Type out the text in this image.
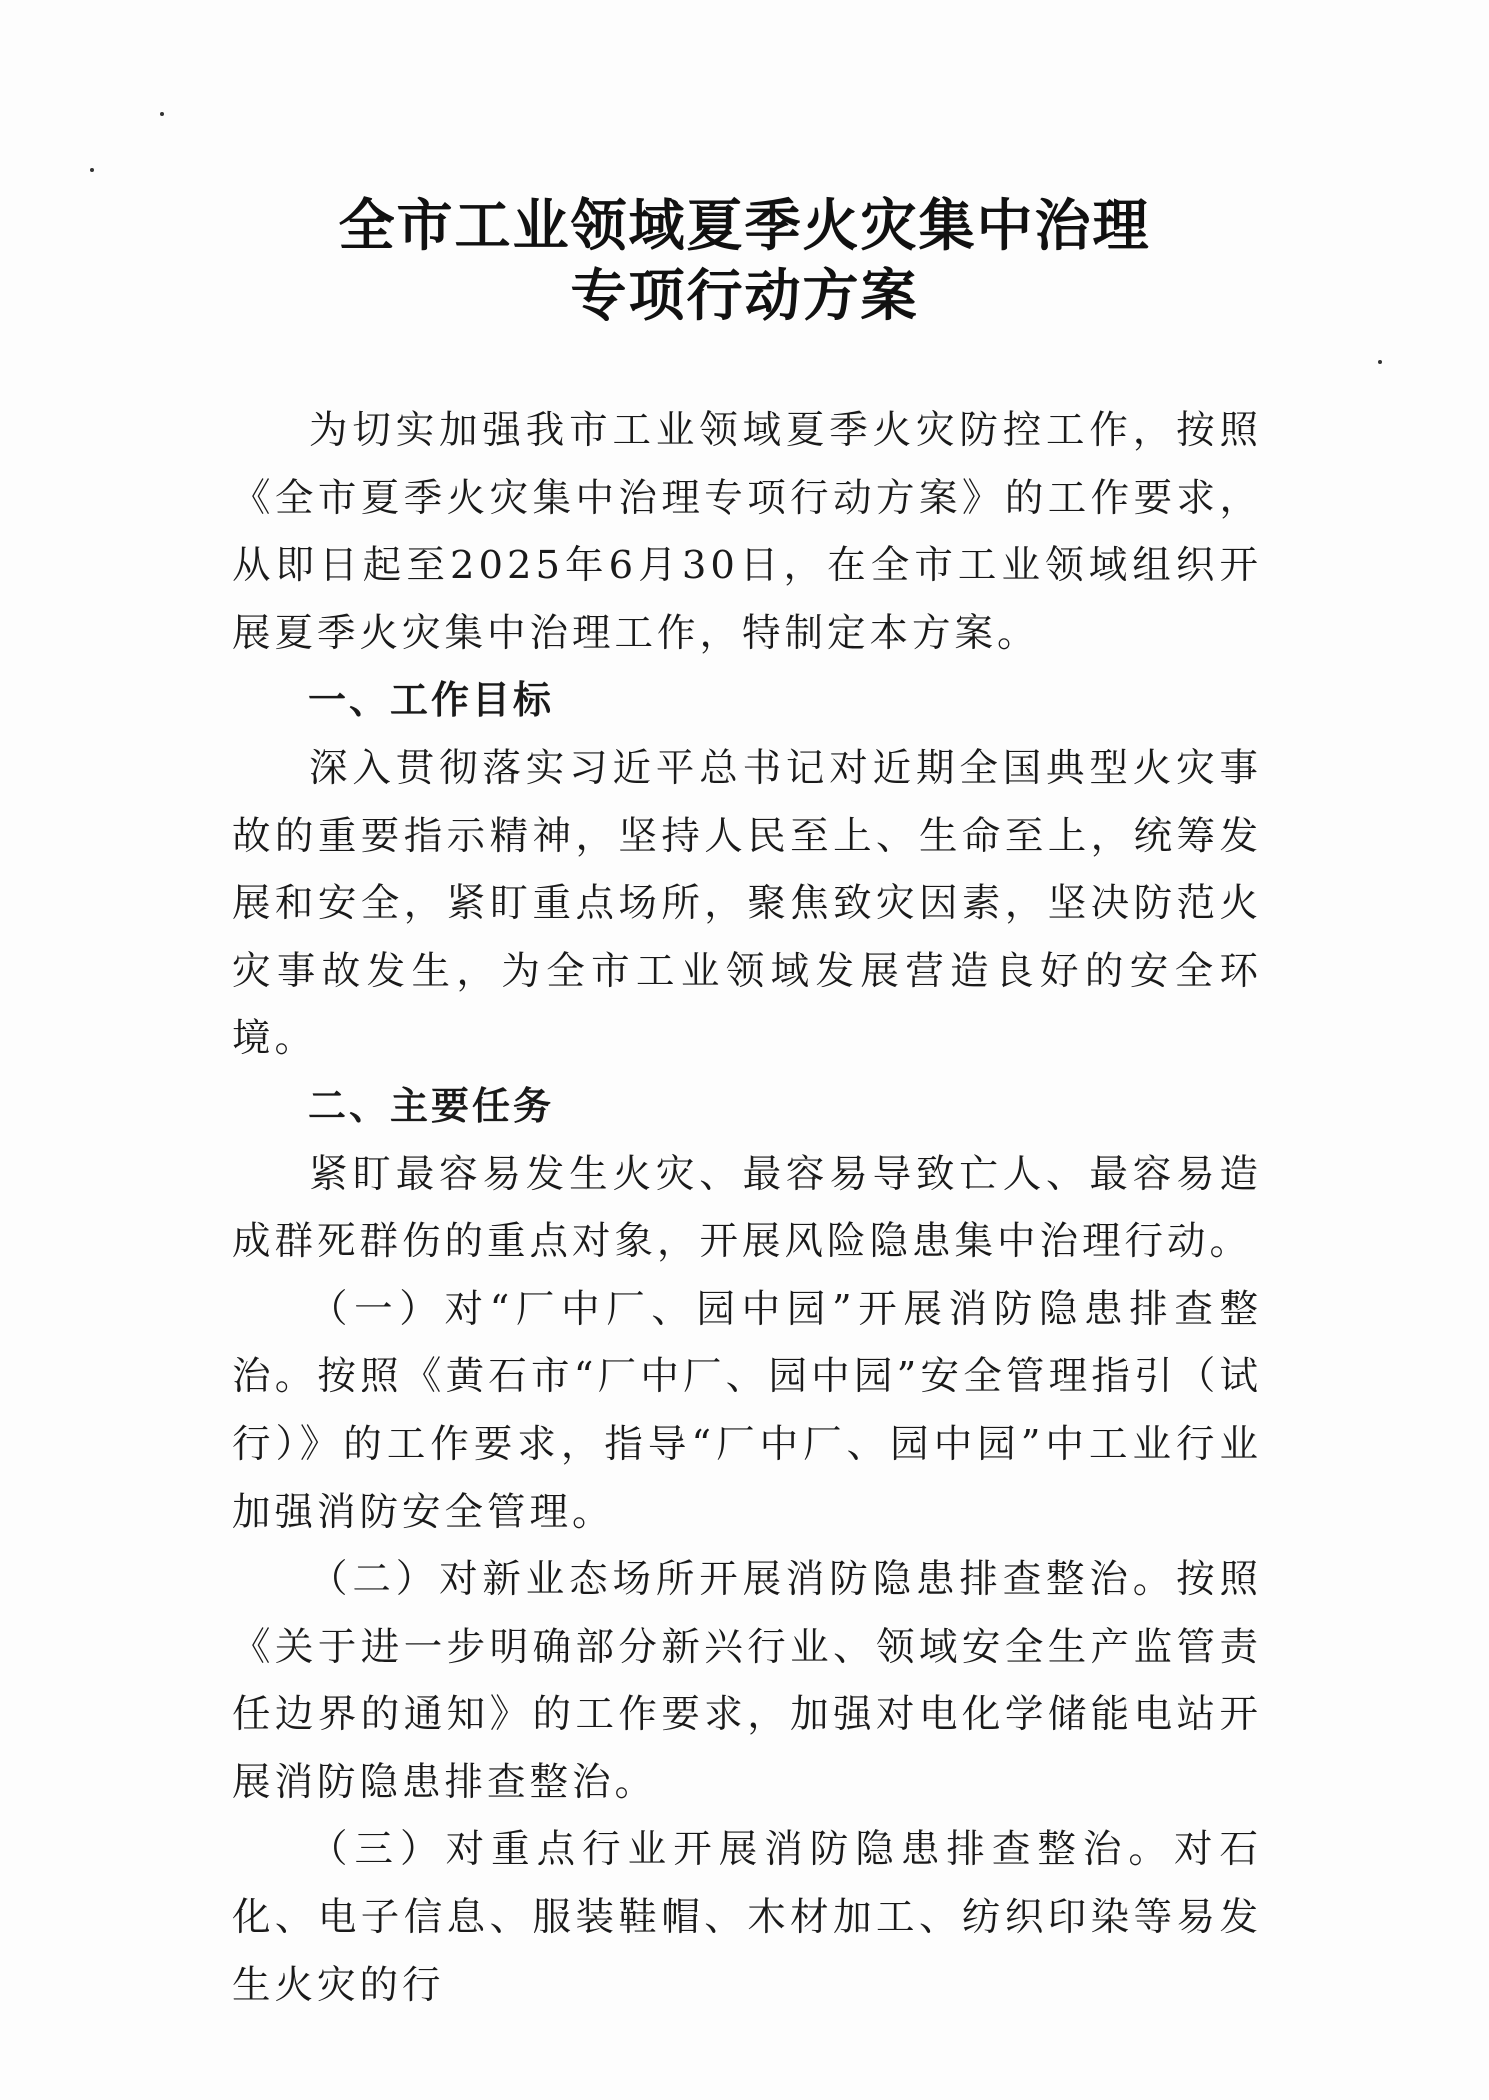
全市工业领域夏季火灾集中治理
专项行动方案

为切实加强我市工业领域夏季火灾防控工作，按照《全市夏季火灾集中治理专项行动方案》的工作要求，从即日起至2025年6月30日，在全市工业领域组织开展夏季火灾集中治理工作，特制定本方案。

一、工作目标

深入贯彻落实习近平总书记对近期全国典型火灾事故的重要指示精神，坚持人民至上、生命至上，统筹发展和安全，紧盯重点场所，聚焦致灾因素，坚决防范火灾事故发生，为全市工业领域发展营造良好的安全环境。

二、主要任务

紧盯最容易发生火灾、最容易导致亡人、最容易造成群死群伤的重点对象，开展风险隐患集中治理行动。

（一）对“厂中厂、园中园”开展消防隐患排查整治。按照《黄石市“厂中厂、园中园”安全管理指引（试行）》的工作要求，指导“厂中厂、园中园”中工业行业加强消防安全管理。

（二）对新业态场所开展消防隐患排查整治。按照《关于进一步明确部分新兴行业、领域安全生产监管责任边界的通知》的工作要求，加强对电化学储能电站开展消防隐患排查整治。

（三）对重点行业开展消防隐患排查整治。对石化、电子信息、服装鞋帽、木材加工、纺织印染等易发生火灾的行
